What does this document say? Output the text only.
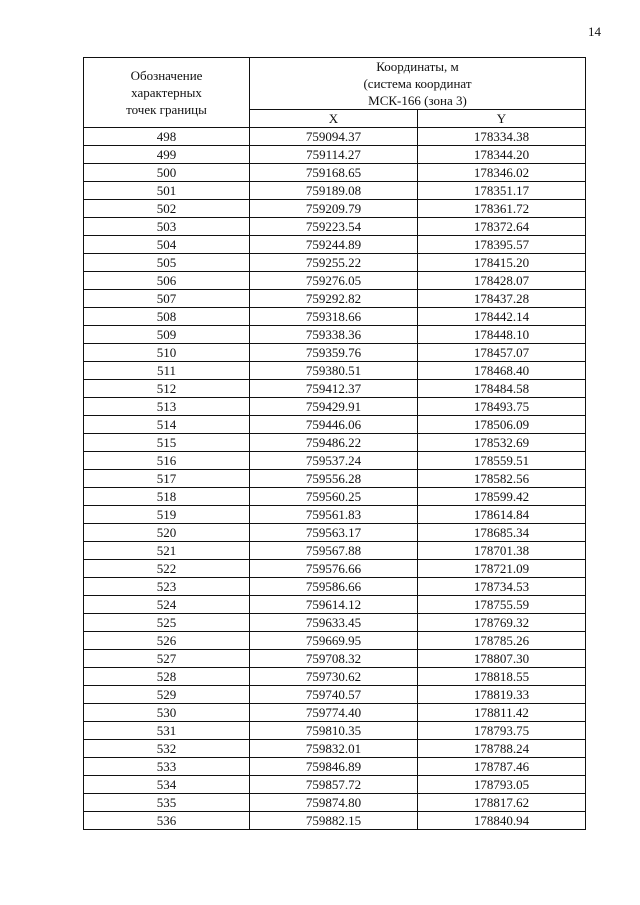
14
Обозначение
характерных
точек границы	Координаты, м
(система координат
МСК-166 (зона 3)	

	X	Y
498	759094.37	178334.38
499	759114.27	178344.20
500	759168.65	178346.02
501	759189.08	178351.17
502	759209.79	178361.72
503	759223.54	178372.64
504	759244.89	178395.57
505	759255.22	178415.20
506	759276.05	178428.07
507	759292.82	178437.28
508	759318.66	178442.14
509	759338.36	178448.10
510	759359.76	178457.07
511	759380.51	178468.40
512	759412.37	178484.58
513	759429.91	178493.75
514	759446.06	178506.09
515	759486.22	178532.69
516	759537.24	178559.51
517	759556.28	178582.56
518	759560.25	178599.42
519	759561.83	178614.84
520	759563.17	178685.34
521	759567.88	178701.38
522	759576.66	178721.09
523	759586.66	178734.53
524	759614.12	178755.59
525	759633.45	178769.32
526	759669.95	178785.26
527	759708.32	178807.30
528	759730.62	178818.55
529	759740.57	178819.33
530	759774.40	178811.42
531	759810.35	178793.75
532	759832.01	178788.24
533	759846.89	178787.46
534	759857.72	178793.05
535	759874.80	178817.62
536	759882.15	178840.94
